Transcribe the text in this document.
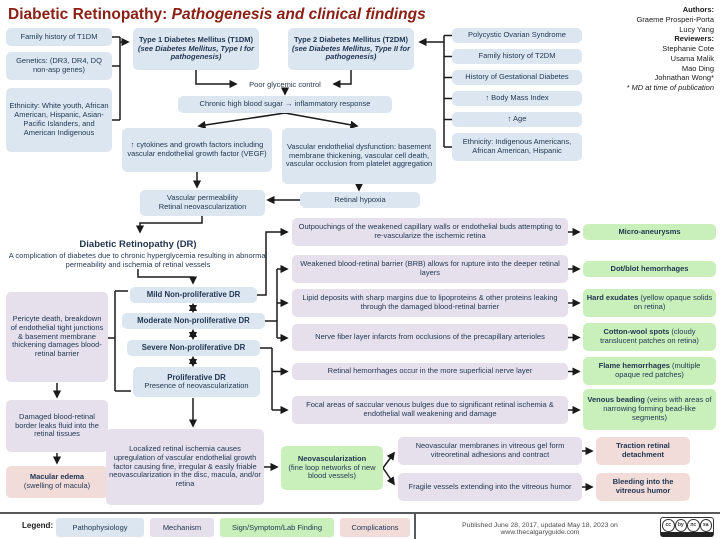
Diabetic Retinopathy: Pathogenesis and clinical findings	Authors:
Graeme Prosperi-Porta
Lucy Yang
Reviewers:
Stephanie Cote
Usama Malik
Mao Ding
Johnathan Wong*
* MD at time of publication
Family history of T1DM
Genetics: (DR3, DR4, DQ non-asp genes)
Ethnicity: White youth, African American, Hispanic, Asian-Pacific Islanders, and American Indigenous
Type 1 Diabetes Mellitus (T1DM) (see Diabetes Mellitus, Type I for pathogenesis)
Type 2 Diabetes Mellitus (T2DM) (see Diabetes Mellitus, Type II for pathogenesis)
Polycystic Ovarian Syndrome
Family history of T2DM
History of Gestational Diabetes
↑ Body Mass Index
↑ Age
Ethnicity: Indigenous Americans, African American, Hispanic
Poor glycemic control
Chronic high blood sugar → inflammatory response
↑ cytokines and growth factors including vascular endothelial growth factor (VEGF)
Vascular endothelial dysfunction: basement membrane thickening, vascular cell death, vascular occlusion from platelet aggregation
Vascular permeability
Retinal neovascularization
Retinal hypoxia
Diabetic Retinopathy (DR)
A complication of diabetes due to chronic hyperglycemia resulting in abnormal permeability and ischemia of retinal vessels
Mild Non-proliferative DR
Moderate Non-proliferative DR
Severe Non-proliferative DR
Proliferative DR
Presence of neovascularization
Pericyte death, breakdown of endothelial tight junctions & basement membrane thickening damages blood-retinal barrier
Damaged blood-retinal border leaks fluid into the retinal tissues
Macular edema
(swelling of macula)
Outpouchings of the weakened capillary walls or endothelial buds attempting to re-vascularize the ischemic retina
Weakened blood-retinal barrier (BRB) allows for rupture into the deeper retinal layers
Lipid deposits with sharp margins due to lipoproteins & other proteins leaking through the damaged blood-retinal barrier
Nerve fiber layer infarcts from occlusions of the precapillary arterioles
Retinal hemorrhages occur in the more superficial nerve layer
Focal areas of saccular venous bulges due to significant retinal ischemia & endothelial wall weakening and damage
Micro-aneurysms
Dot/blot hemorrhages
Hard exudates (yellow opaque solids on retina)
Cotton-wool spots (cloudy translucent patches on retina)
Flame hemorrhages (multiple opaque red patches)
Venous beading (veins with areas of narrowing forming bead-like segments)
Localized retinal ischemia causes upregulation of vascular endothelial growth factor causing fine, irregular & easily friable neovascularization in the disc, macula, and/or retina
Neovascularization
(fine loop networks of new blood vessels)
Neovascular membranes in vitreous gel form vitreoretinal adhesions and contract
Fragile vessels extending into the vitreous humor
Traction retinal detachment
Bleeding into the vitreous humor
Legend:	Pathophysiology	Mechanism	Sign/Symptom/Lab Finding	Complications	Published June 28, 2017, updated May 18, 2023 on www.thecalgaryguide.com
cc	by	nc	sa
